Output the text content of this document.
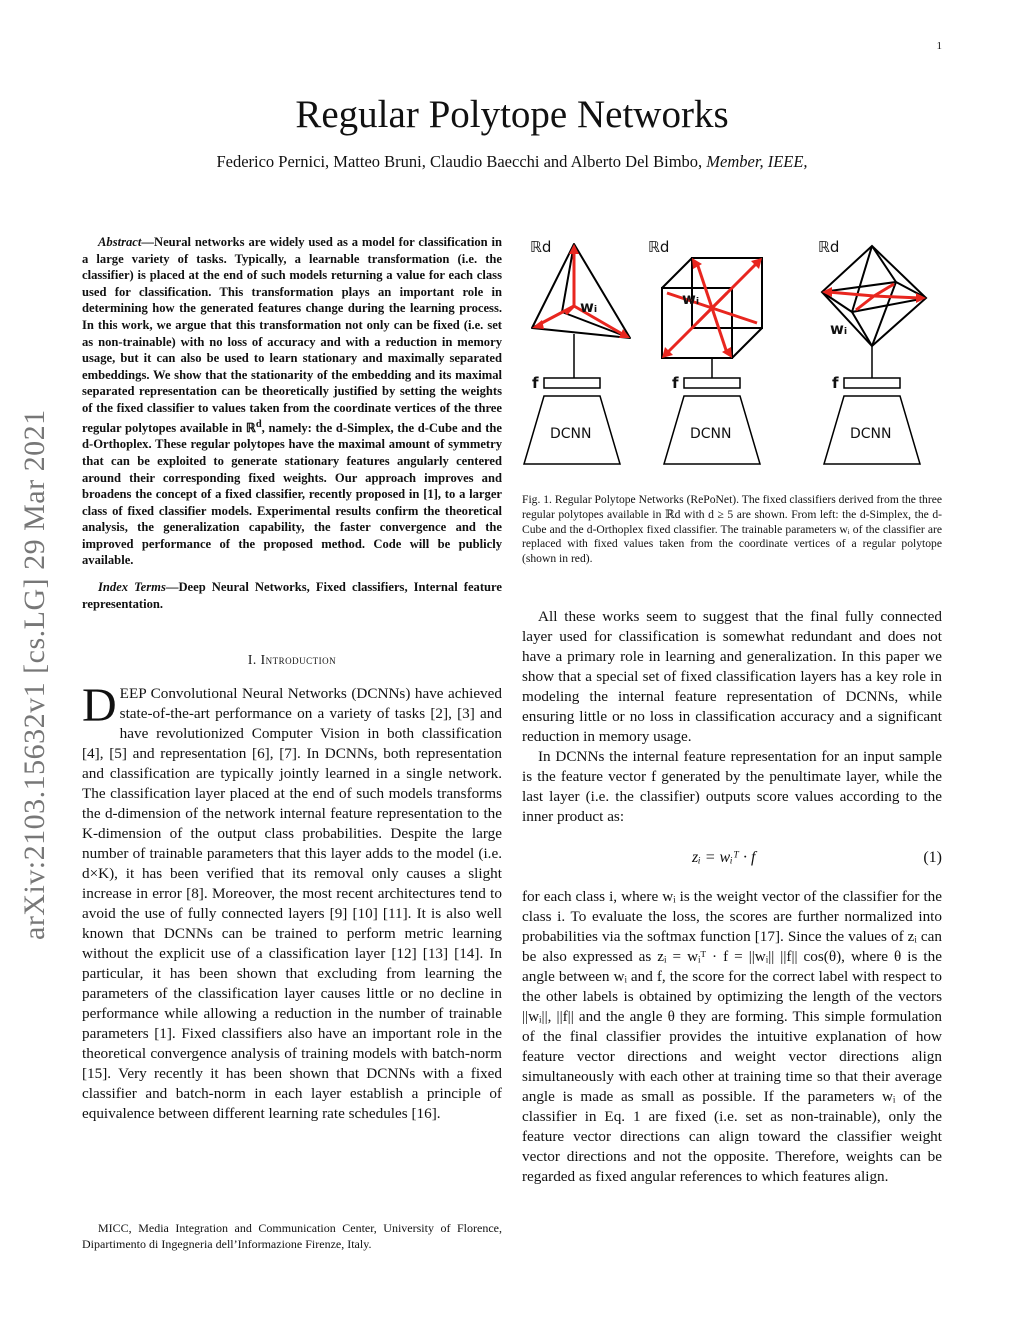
1
arXiv:2103.15632v1 [cs.LG] 29 Mar 2021
Regular Polytope Networks
Federico Pernici, Matteo Bruni, Claudio Baecchi and Alberto Del Bimbo, Member, IEEE,

Abstract—Neural networks are widely used as a model for classification in a large variety of tasks. Typically, a learnable transformation (i.e. the classifier) is placed at the end of such models returning a value for each class used for classification. This transformation plays an important role in determining how the generated features change during the learning process. In this work, we argue that this transformation not only can be fixed (i.e. set as non-trainable) with no loss of accuracy and with a reduction in memory usage, but it can also be used to learn stationary and maximally separated embeddings. We show that the stationarity of the embedding and its maximal separated representation can be theoretically justified by setting the weights of the fixed classifier to values taken from the coordinate vertices of the three regular polytopes available in ℝ$^d$, namely: the d-Simplex, the d-Cube and the d-Orthoplex. These regular polytopes have the maximal amount of symmetry that can be exploited to generate stationary features angularly centered around their corresponding fixed weights. Our approach improves and broadens the concept of a fixed classifier, recently proposed in [1], to a larger class of fixed classifier models. Experimental results confirm the theoretical analysis, the generalization capability, the faster convergence and the improved performance of the proposed method. Code will be publicly available.

Index Terms—Deep Neural Networks, Fixed classifiers, Internal feature representation.

I. Introduction

DEEP Convolutional Neural Networks (DCNNs) have achieved state-of-the-art performance on a variety of tasks [2], [3] and have revolutionized Computer Vision in both classification [4], [5] and representation [6], [7]. In DCNNs, both representation and classification are typically jointly learned in a single network. The classification layer placed at the end of such models transforms the d-dimension of the network internal feature representation to the K-dimension of the output class probabilities. Despite the large number of trainable parameters that this layer adds to the model (i.e. d×K), it has been verified that its removal only causes a slight increase in error [8]. Moreover, the most recent architectures tend to avoid the use of fully connected layers [9] [10] [11]. It is also well known that DCNNs can be trained to perform metric learning without the explicit use of a classification layer [12] [13] [14]. In particular, it has been shown that excluding from learning the parameters of the classification layer causes little or no decline in performance while allowing a reduction in the number of trainable parameters [1]. Fixed classifiers also have an important role in the theoretical convergence analysis of training models with batch-norm [15]. Very recently it has been shown that DCNNs with a fixed classifier and batch-norm in each layer establish a principle of equivalence between different learning rate schedules [16].

MICC, Media Integration and Communication Center, University of Florence, Dipartimento di Ingegneria dell’Informazione Firenze, Italy.
ℝd	ℝd	ℝd
wᵢ	wᵢ
wᵢ
f	f	f
DCNN	DCNN	DCNN

Fig. 1. Regular Polytope Networks (RePoNet). The fixed classifiers derived from the three regular polytopes available in ℝd with d ≥ 5 are shown. From left: the d-Simplex, the d-Cube and the d-Orthoplex fixed classifier. The trainable parameters wᵢ of the classifier are replaced with fixed values taken from the coordinate vertices of a regular polytope (shown in red).

All these works seem to suggest that the final fully connected layer used for classification is somewhat redundant and does not have a primary role in learning and generalization. In this paper we show that a special set of fixed classification layers has a key role in modeling the internal feature representation of DCNNs, while ensuring little or no loss in classification accuracy and a significant reduction in memory usage.

In DCNNs the internal feature representation for an input sample is the feature vector f generated by the penultimate layer, while the last layer (i.e. the classifier) outputs score values according to the inner product as:

zᵢ = wᵢᵀ · f	(1)

for each class i, where wᵢ is the weight vector of the classifier for the class i. To evaluate the loss, the scores are further normalized into probabilities via the softmax function [17]. Since the values of zᵢ can be also expressed as zᵢ = wᵢᵀ · f = ||wᵢ|| ||f|| cos(θ), where θ is the angle between wᵢ and f, the score for the correct label with respect to the other labels is obtained by optimizing the length of the vectors ||wᵢ||, ||f|| and the angle θ they are forming. This simple formulation of the final classifier provides the intuitive explanation of how feature vector directions and weight vector directions align simultaneously with each other at training time so that their average angle is made as small as possible. If the parameters wᵢ of the classifier in Eq. 1 are fixed (i.e. set as non-trainable), only the feature vector directions can align toward the classifier weight vector directions and not the opposite. Therefore, weights can be regarded as fixed angular references to which features align.
